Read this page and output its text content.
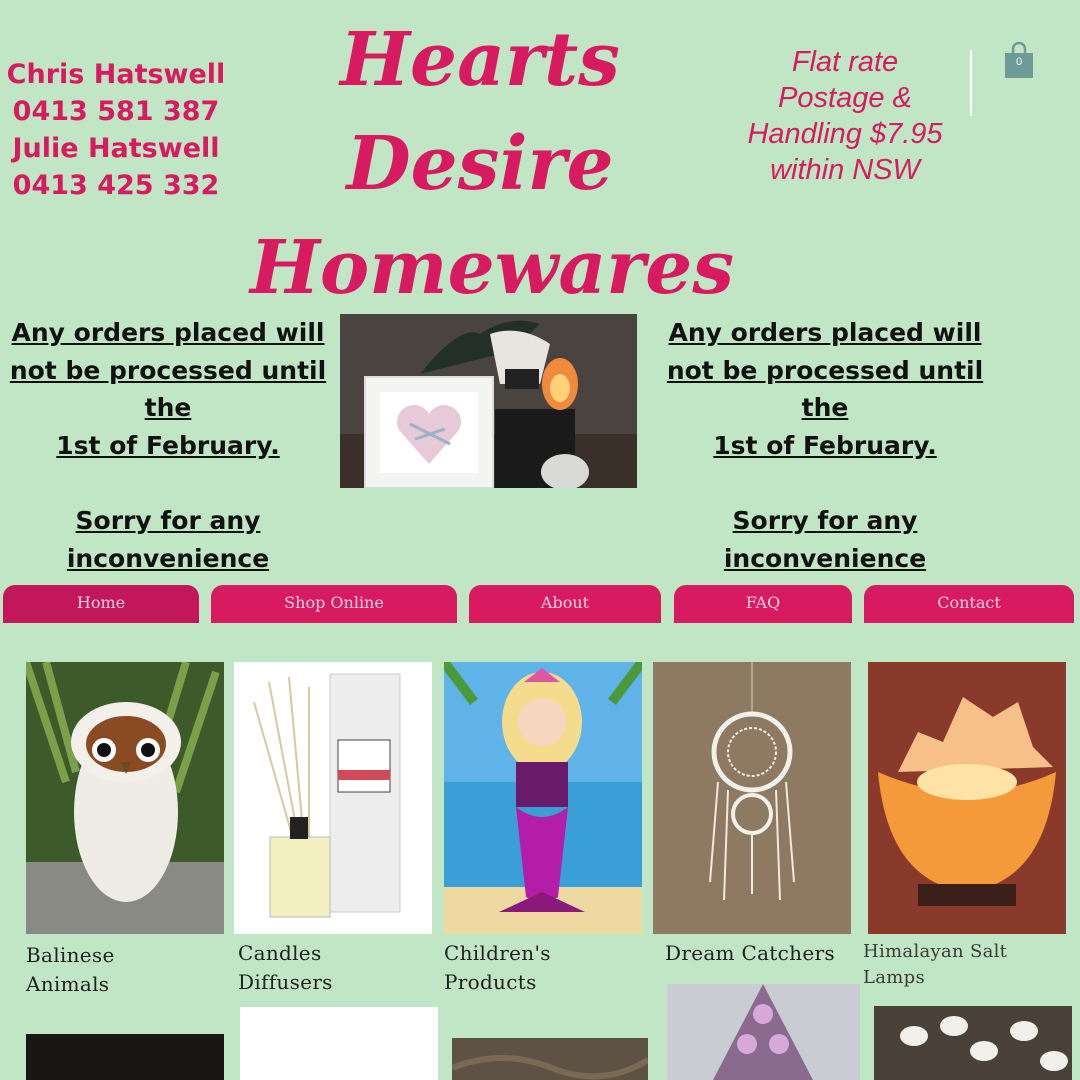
Chris Hatswell
0413 581 387
Julie Hatswell
0413 425 332
Hearts
Desire
Homewares
Flat rate
Postage &
Handling $7.95
within NSW
0
Any orders placed will
not be processed until the
1st of February.
Sorry for any
inconvenience
Any orders placed will
not be processed until the
1st of February.
Sorry for any
inconvenience
Home	Shop Online	About	FAQ	Contact
Balinese
Animals
Candles
Diffusers
Children's
Products
Dream Catchers	Himalayan Salt
Lamps
